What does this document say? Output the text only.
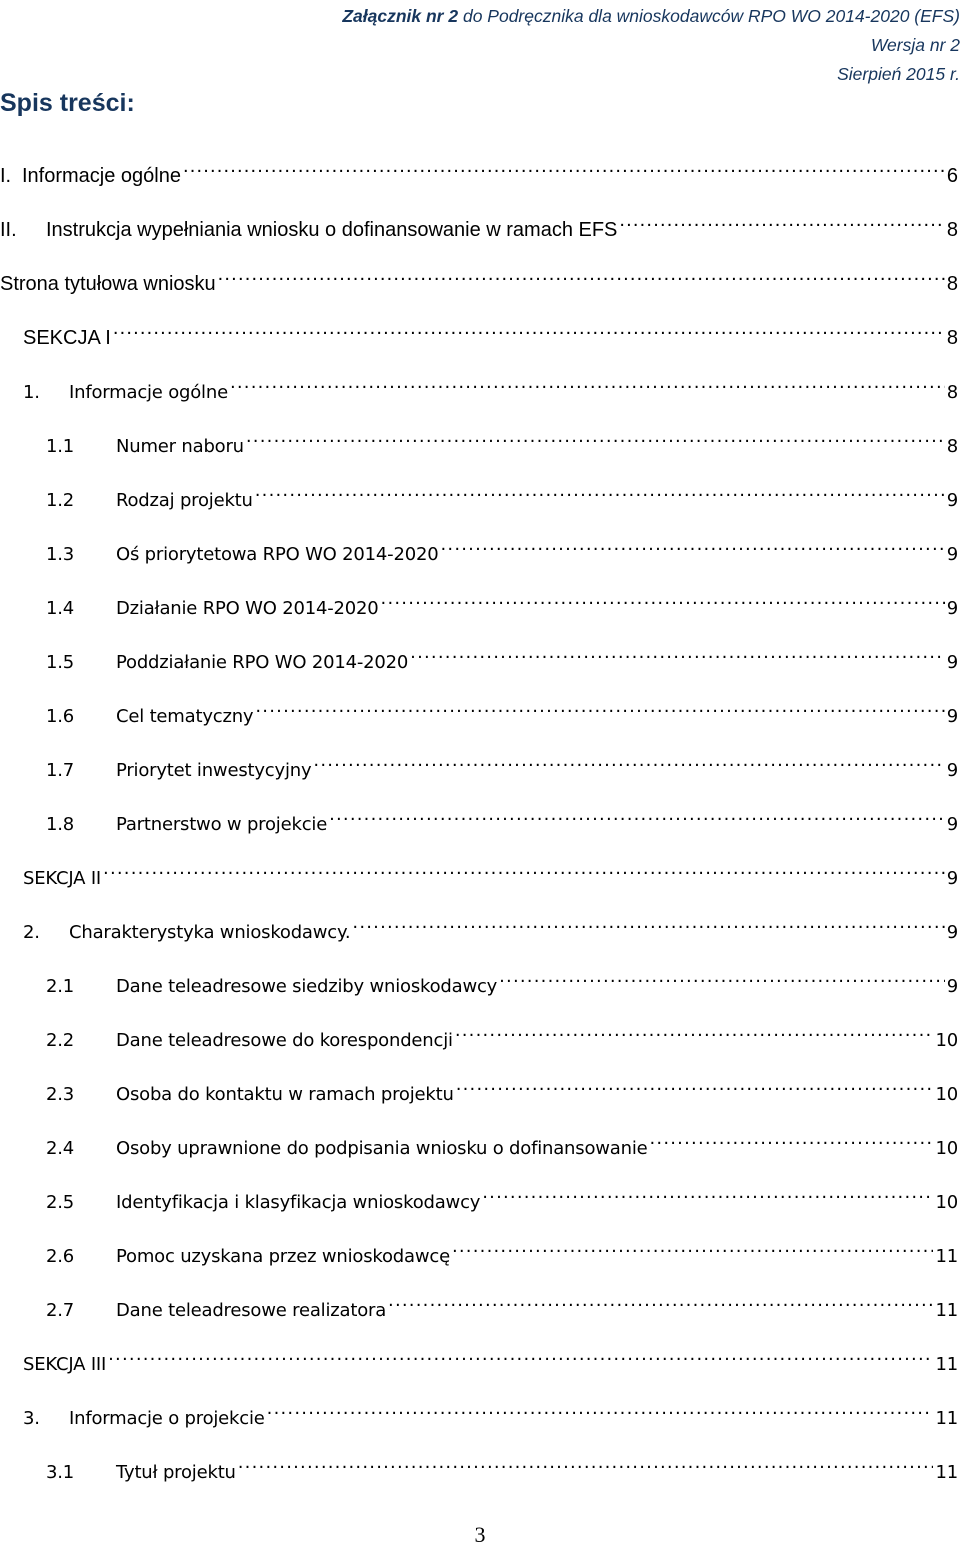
Załącznik nr 2 do Podręcznika dla wnioskodawców RPO WO 2014-2020 (EFS)
Wersja nr 2
Sierpień 2015 r.
Spis treści:
I. Informacje ogólne .....	6
II.	Instrukcja wypełniania wniosku o dofinansowanie w ramach EFS .....	8
Strona tytułowa wniosku .....	8
SEKCJA I .....	8
1.	Informacje ogólne .....	8
1.1	Numer naboru .....	8
1.2	Rodzaj projektu .....	9
1.3	Oś priorytetowa RPO WO 2014-2020 .....	9
1.4	Działanie RPO WO 2014-2020 .....	9
1.5	Poddziałanie RPO WO 2014-2020 .....	9
1.6	Cel tematyczny .....	9
1.7	Priorytet inwestycyjny .....	9
1.8	Partnerstwo w projekcie .....	9
SEKCJA II .....	9
2.	Charakterystyka wnioskodawcy. .....	9
2.1	Dane teleadresowe siedziby wnioskodawcy .....	9
2.2	Dane teleadresowe do korespondencji .....	10
2.3	Osoba do kontaktu w ramach projektu .....	10
2.4	Osoby uprawnione do podpisania wniosku o dofinansowanie .....	10
2.5	Identyfikacja i klasyfikacja wnioskodawcy .....	10
2.6	Pomoc uzyskana przez wnioskodawcę .....	11
2.7	Dane teleadresowe realizatora .....	11
SEKCJA III .....	11
3.	Informacje o projekcie .....	11
3.1	Tytuł projektu .....	11
3
